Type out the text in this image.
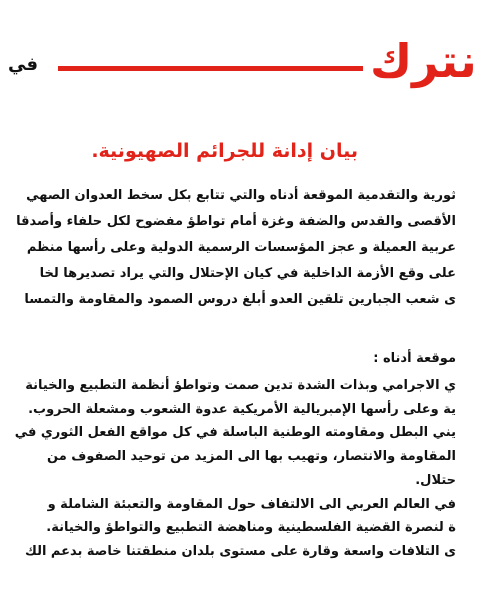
في	نترك
بيان إدانة للجرائم الصهيونية.
ثورية والتقدمية الموقعة أدناه والتي تتابع بكل سخط العدوان الصهي
الأقصى والقدس والضفة وغزة أمام تواطؤ مفضوح لكل حلفاء وأصدقا
عربية العميلة و عجز المؤسسات الرسمية الدولية وعلى رأسها منظم
على وقع الأزمة الداخلية في كيان الإحتلال والتي يراد تصديرها لخا
ى شعب الجبارين تلقين العدو أبلغ دروس الصمود والمقاومة والتمسا
موقعة أدناه :
ي الاجرامي وبذات الشدة تدين صمت وتواطؤ أنظمة التطبيع والخيانة
ية وعلى رأسها الإمبريالية الأمريكية عدوة الشعوب ومشعلة الحروب.
يني البطل ومقاومته الوطنية الباسلة في كل مواقع الفعل الثوري في
المقاومة والانتصار، وتهيب بها الى المزيد من توحيد الصفوف من
حتلال.
في العالم العربي الى الالتفاف حول المقاومة والتعبئة الشاملة و
ة لنصرة القضية الفلسطينية ومناهضة التطبيع والتواطؤ والخيانة.
ى التلافات واسعة وقارة على مستوى بلدان منطقتنا خاصة بدعم الك
